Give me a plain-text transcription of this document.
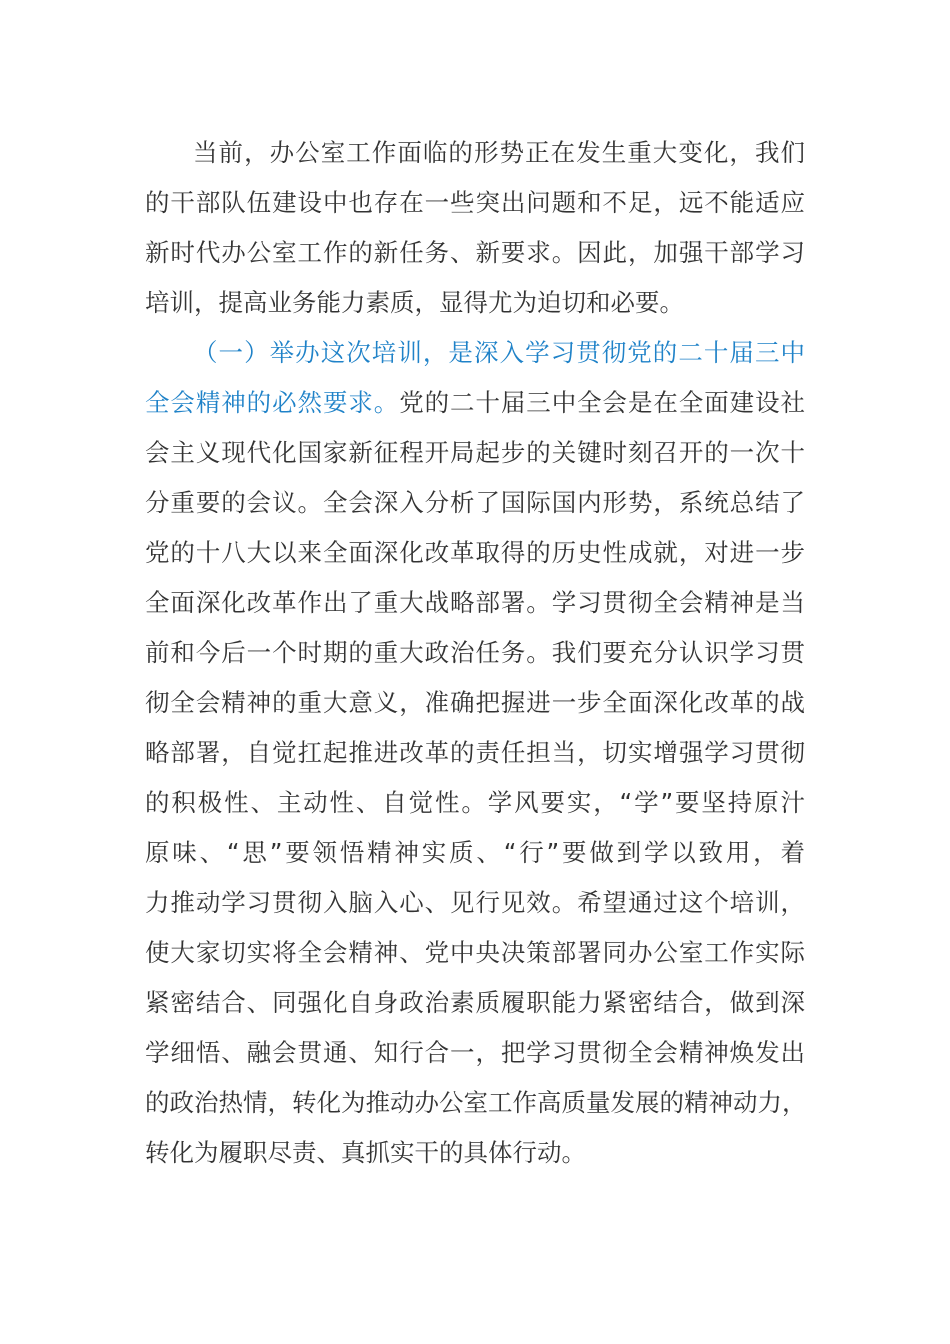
当前，办公室工作面临的形势正在发生重大变化，我们
的干部队伍建设中也存在一些突出问题和不足，远不能适应
新时代办公室工作的新任务、新要求。因此，加强干部学习
培训，提高业务能力素质，显得尤为迫切和必要。
（一）举办这次培训，是深入学习贯彻党的二十届三中
全会精神的必然要求。党的二十届三中全会是在全面建设社
会主义现代化国家新征程开局起步的关键时刻召开的一次十
分重要的会议。全会深入分析了国际国内形势，系统总结了
党的十八大以来全面深化改革取得的历史性成就，对进一步
全面深化改革作出了重大战略部署。学习贯彻全会精神是当
前和今后一个时期的重大政治任务。我们要充分认识学习贯
彻全会精神的重大意义，准确把握进一步全面深化改革的战
略部署，自觉扛起推进改革的责任担当，切实增强学习贯彻
的积极性、主动性、自觉性。学风要实，“学”要坚持原汁
原味、“思”要领悟精神实质、“行”要做到学以致用，着
力推动学习贯彻入脑入心、见行见效。希望通过这个培训，
使大家切实将全会精神、党中央决策部署同办公室工作实际
紧密结合、同强化自身政治素质履职能力紧密结合，做到深
学细悟、融会贯通、知行合一，把学习贯彻全会精神焕发出
的政治热情，转化为推动办公室工作高质量发展的精神动力，
转化为履职尽责、真抓实干的具体行动。
